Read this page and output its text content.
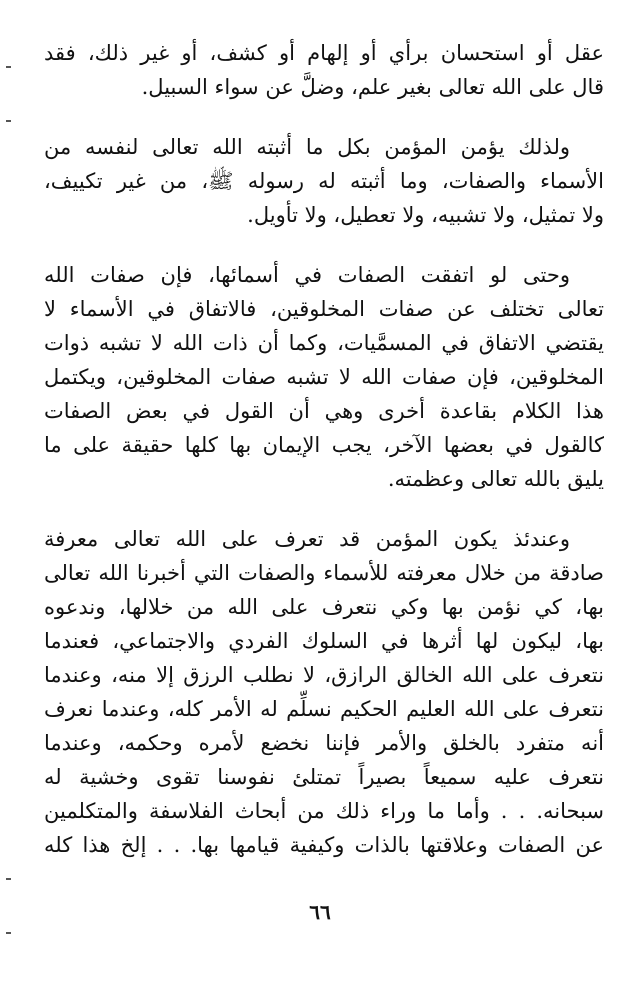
عقل أو استحسان برأي أو إلهام أو كشف، أو غير ذلك، فقد
قال على الله تعالى بغير علم، وضلَّ عن سواء السبيل.

ولذلك يؤمن المؤمن بكل ما أثبته الله تعالى لنفسه من
الأسماء والصفات، وما أثبته له رسوله ﷺ، من غير تكييف،
ولا تمثيل، ولا تشبيه، ولا تعطيل، ولا تأويل.

وحتى لو اتفقت الصفات في أسمائها، فإن صفات الله
تعالى تختلف عن صفات المخلوقين، فالاتفاق في الأسماء لا
يقتضي الاتفاق في المسمَّيات، وكما أن ذات الله لا تشبه ذوات
المخلوقين، فإن صفات الله لا تشبه صفات المخلوقين، ويكتمل
هذا الكلام بقاعدة أخرى وهي أن القول في بعض الصفات
كالقول في بعضها الآخر، يجب الإيمان بها كلها حقيقة على ما
يليق بالله تعالى وعظمته.

وعندئذ يكون المؤمن قد تعرف على الله تعالى معرفة
صادقة من خلال معرفته للأسماء والصفات التي أخبرنا الله تعالى
بها، كي نؤمن بها وكي نتعرف على الله من خلالها، وندعوه
بها، ليكون لها أثرها في السلوك الفردي والاجتماعي، فعندما
نتعرف على الله الخالق الرازق، لا نطلب الرزق إلا منه، وعندما
نتعرف على الله العليم الحكيم نسلِّم له الأمر كله، وعندما نعرف
أنه متفرد بالخلق والأمر فإننا نخضع لأمره وحكمه، وعندما
نتعرف عليه سميعاً بصيراً تمتلئ نفوسنا تقوى وخشية له
سبحانه. . . وأما ما وراء ذلك من أبحاث الفلاسفة والمتكلمين
عن الصفات وعلاقتها بالذات وكيفية قيامها بها. . . إلخ هذا كله

٦٦
